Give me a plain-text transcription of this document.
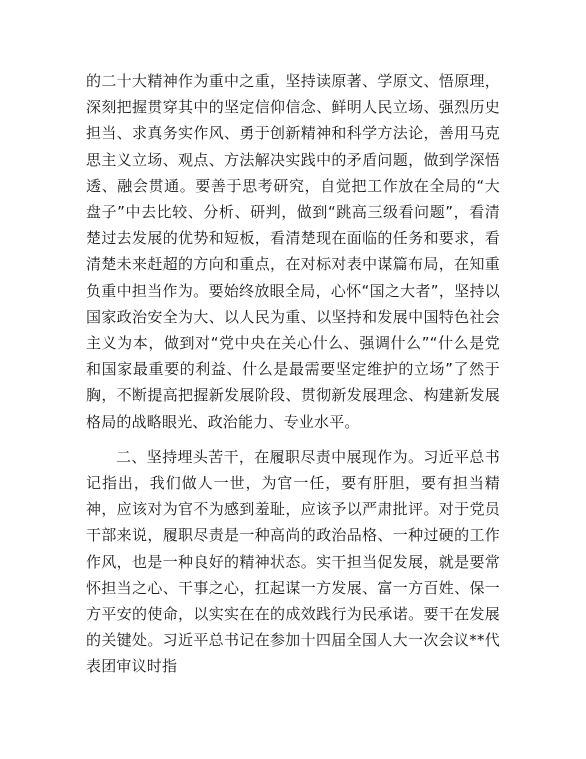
的二十大精神作为重中之重，坚持读原著、学原文、悟原理，深刻把握贯穿其中的坚定信仰信念、鲜明人民立场、强烈历史担当、求真务实作风、勇于创新精神和科学方法论，善用马克思主义立场、观点、方法解决实践中的矛盾问题，做到学深悟透、融会贯通。要善于思考研究，自觉把工作放在全局的“大盘子”中去比较、分析、研判，做到“跳高三级看问题”，看清楚过去发展的优势和短板，看清楚现在面临的任务和要求，看清楚未来赶超的方向和重点，在对标对表中谋篇布局，在知重负重中担当作为。要始终放眼全局，心怀“国之大者”，坚持以国家政治安全为大、以人民为重、以坚持和发展中国特色社会主义为本，做到对“党中央在关心什么、强调什么”“什么是党和国家最重要的利益、什么是最需要坚定维护的立场”了然于胸，不断提高把握新发展阶段、贯彻新发展理念、构建新发展格局的战略眼光、政治能力、专业水平。

二、坚持埋头苦干，在履职尽责中展现作为。习近平总书记指出，我们做人一世，为官一任，要有肝胆，要有担当精神，应该对为官不为感到羞耻，应该予以严肃批评。对于党员干部来说，履职尽责是一种高尚的政治品格、一种过硬的工作作风，也是一种良好的精神状态。实干担当促发展，就是要常怀担当之心、干事之心，扛起谋一方发展、富一方百姓、保一方平安的使命，以实实在在的成效践行为民承诺。要干在发展的关键处。习近平总书记在参加十四届全国人大一次会议**代表团审议时指
